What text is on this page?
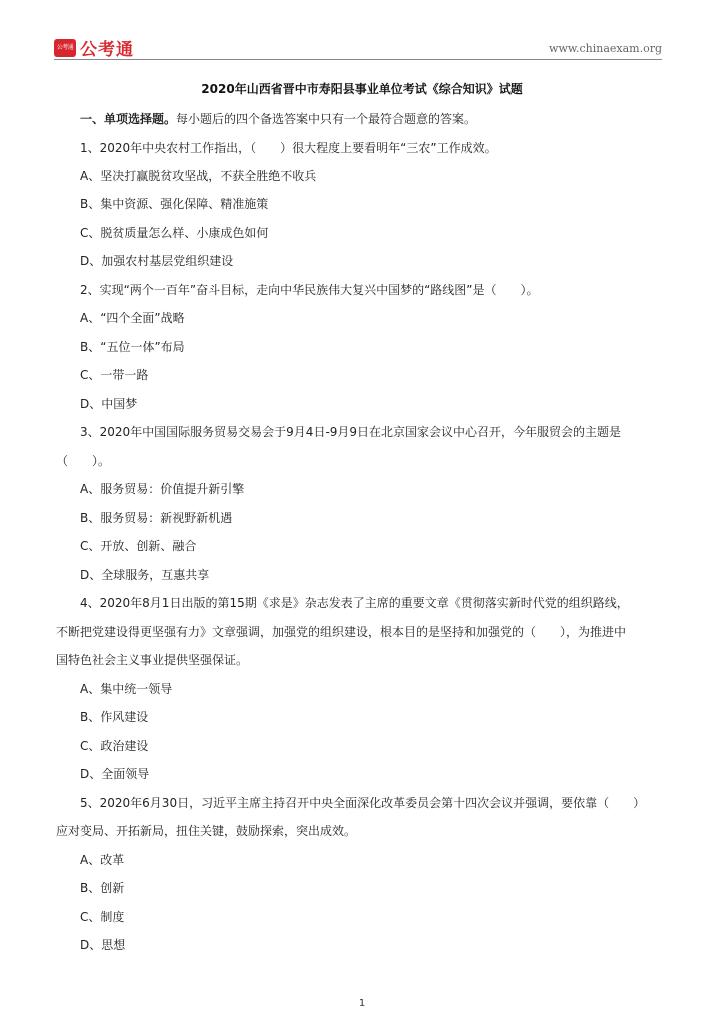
公考通 公考通	www.chinaexam.org
2020年山西省晋中市寿阳县事业单位考试《综合知识》试题
一、单项选择题。每小题后的四个备选答案中只有一个最符合题意的答案。
1、2020年中央农村工作指出，（　　）很大程度上要看明年“三农”工作成效。
A、坚决打赢脱贫攻坚战，不获全胜绝不收兵
B、集中资源、强化保障、精准施策
C、脱贫质量怎么样、小康成色如何
D、加强农村基层党组织建设
2、实现“两个一百年”奋斗目标，走向中华民族伟大复兴中国梦的“路线图”是（　　）。
A、“四个全面”战略
B、“五位一体”布局
C、一带一路
D、中国梦
3、2020年中国国际服务贸易交易会于9月4日-9月9日在北京国家会议中心召开，今年服贸会的主题是
（　　）。
A、服务贸易：价值提升新引擎
B、服务贸易：新视野新机遇
C、开放、创新、融合
D、全球服务，互惠共享
4、2020年8月1日出版的第15期《求是》杂志发表了主席的重要文章《贯彻落实新时代党的组织路线，
不断把党建设得更坚强有力》文章强调，加强党的组织建设，根本目的是坚持和加强党的（　　），为推进中
国特色社会主义事业提供坚强保证。
A、集中统一领导
B、作风建设
C、政治建设
D、全面领导
5、2020年6月30日，习近平主席主持召开中央全面深化改革委员会第十四次会议并强调，要依靠（　　）
应对变局、开拓新局，扭住关键，鼓励探索，突出成效。
A、改革
B、创新
C、制度
D、思想
1
